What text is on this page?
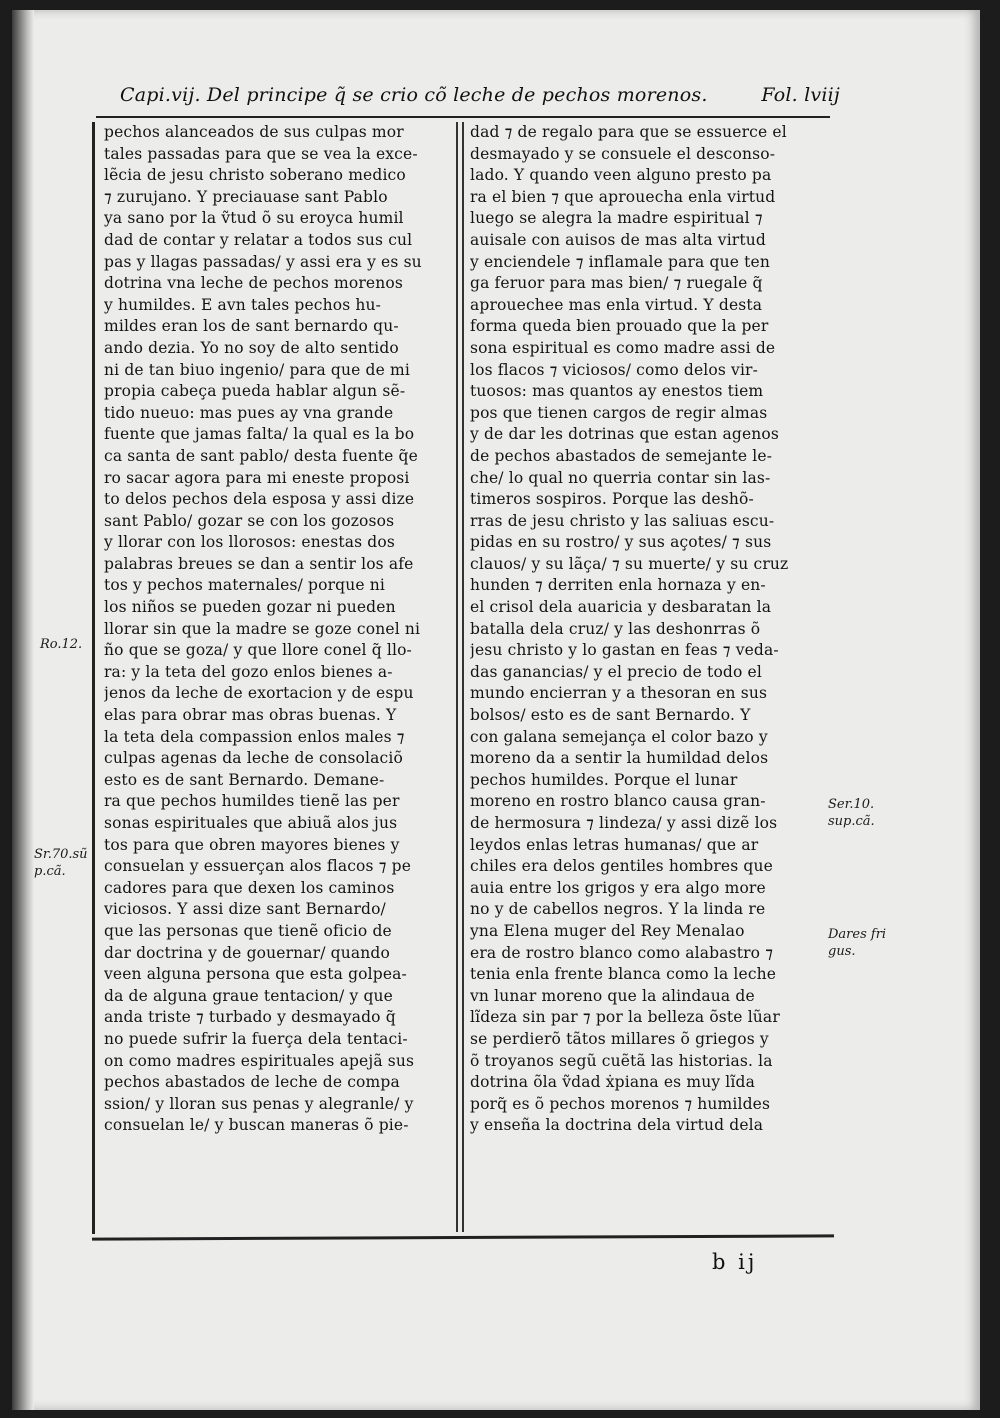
Capi.vij. Del principe q̃ se crio cõ leche de pechos morenos.	Fol. lviij
pechos alanceados de sus culpas mor
tales passadas para que se vea la exce-
lẽcia de jesu christo soberano medico
⁊ zurujano. Y preciauase sant Pablo
ya sano por la ṽtud õ su eroyca humil
dad de contar y relatar a todos sus cul
pas y llagas passadas/ y assi era y es su
dotrina vna leche de pechos morenos
y humildes. E avn tales pechos hu-
mildes eran los de sant bernardo qu-
ando dezia. Yo no soy de alto sentido
ni de tan biuo ingenio/ para que de mi
propia cabeça pueda hablar algun sẽ-
tido nueuo: mas pues ay vna grande
fuente que jamas falta/ la qual es la bo
ca santa de sant pablo/ desta fuente q̃e
ro sacar agora para mi eneste proposi
to delos pechos dela esposa y assi dize
sant Pablo/ gozar se con los gozosos
y llorar con los llorosos: enestas dos
palabras breues se dan a sentir los afe
tos y pechos maternales/ porque ni
los niños se pueden gozar ni pueden
llorar sin que la madre se goze conel ni
ño que se goza/ y que llore conel q̃ llo-
ra: y la teta del gozo enlos bienes a-
jenos da leche de exortacion y de espu
elas para obrar mas obras buenas. Y
la teta dela compassion enlos males ⁊
culpas agenas da leche de consolaciõ
esto es de sant Bernardo. Demane-
ra que pechos humildes tienẽ las per
sonas espirituales que abiuã alos jus
tos para que obren mayores bienes y
consuelan y essuerçan alos flacos ⁊ pe
cadores para que dexen los caminos
viciosos. Y assi dize sant Bernardo/
que las personas que tienẽ oficio de
dar doctrina y de gouernar/ quando
veen alguna persona que esta golpea-
da de alguna graue tentacion/ y que
anda triste ⁊ turbado y desmayado q̃
no puede sufrir la fuerça dela tentaci-
on como madres espirituales apejã sus
pechos abastados de leche de compa
ssion/ y lloran sus penas y alegranle/ y
consuelan le/ y buscan maneras õ pie-
dad ⁊ de regalo para que se essuerce el
desmayado y se consuele el desconso-
lado. Y quando veen alguno presto pa
ra el bien ⁊ que aprouecha enla virtud
luego se alegra la madre espiritual ⁊
auisale con auisos de mas alta virtud
y enciendele ⁊ inflamale para que ten
ga feruor para mas bien/ ⁊ ruegale q̃
aprouechee mas enla virtud. Y desta
forma queda bien prouado que la per
sona espiritual es como madre assi de
los flacos ⁊ viciosos/ como delos vir-
tuosos: mas quantos ay enestos tiem
pos que tienen cargos de regir almas
y de dar les dotrinas que estan agenos
de pechos abastados de semejante le-
che/ lo qual no querria contar sin las-
timeros sospiros. Porque las deshõ-
rras de jesu christo y las saliuas escu-
pidas en su rostro/ y sus açotes/ ⁊ sus
clauos/ y su lãça/ ⁊ su muerte/ y su cruz
hunden ⁊ derriten enla hornaza y en-
el crisol dela auaricia y desbaratan la
batalla dela cruz/ y las deshonrras õ
jesu christo y lo gastan en feas ⁊ veda-
das ganancias/ y el precio de todo el
mundo encierran y a thesoran en sus
bolsos/ esto es de sant Bernardo. Y
con galana semejança el color bazo y
moreno da a sentir la humildad delos
pechos humildes. Porque el lunar
moreno en rostro blanco causa gran-
de hermosura ⁊ lindeza/ y assi dizẽ los
leydos enlas letras humanas/ que ar
chiles era delos gentiles hombres que
auia entre los grigos y era algo more
no y de cabellos negros. Y la linda re
yna Elena muger del Rey Menalao
era de rostro blanco como alabastro ⁊
tenia enla frente blanca como la leche
vn lunar moreno que la alindaua de
lĩdeza sin par ⁊ por la belleza õste lũar
se perdierõ tãtos millares õ griegos y
õ troyanos segũ cuẽtã las historias. la
dotrina õla ṽdad ẋpiana es muy lĩda
porq̃ es õ pechos morenos ⁊ humildes
y enseña la doctrina dela virtud dela
Ro.12.
Sr.70.sũ
p.cã.
Ser.10.
sup.cã.
Dares fri
gus.
b ij
